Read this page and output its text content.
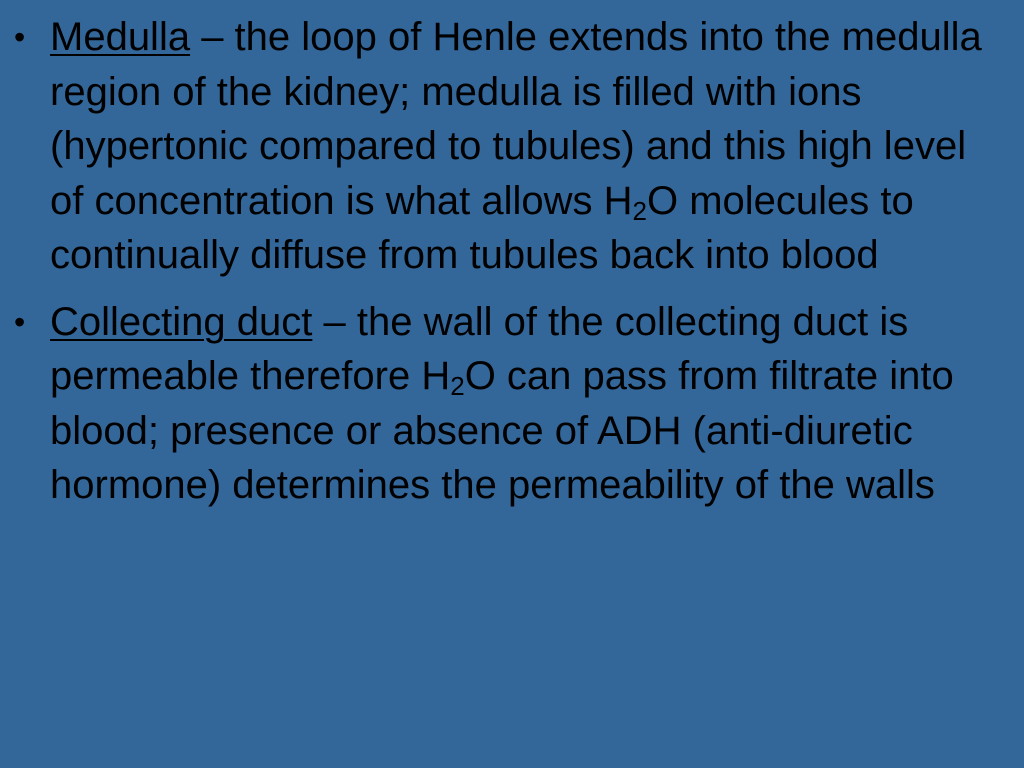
• Medulla – the loop of Henle extends into the medulla region of the kidney; medulla is filled with ions (hypertonic compared to tubules) and this high level of concentration is what allows $H_2O$ molecules to continually diffuse from tubules back into blood
• Collecting duct – the wall of the collecting duct is permeable therefore $H_2O$ can pass from filtrate into blood; presence or absence of ADH (anti-diuretic hormone) determines the permeability of the walls
